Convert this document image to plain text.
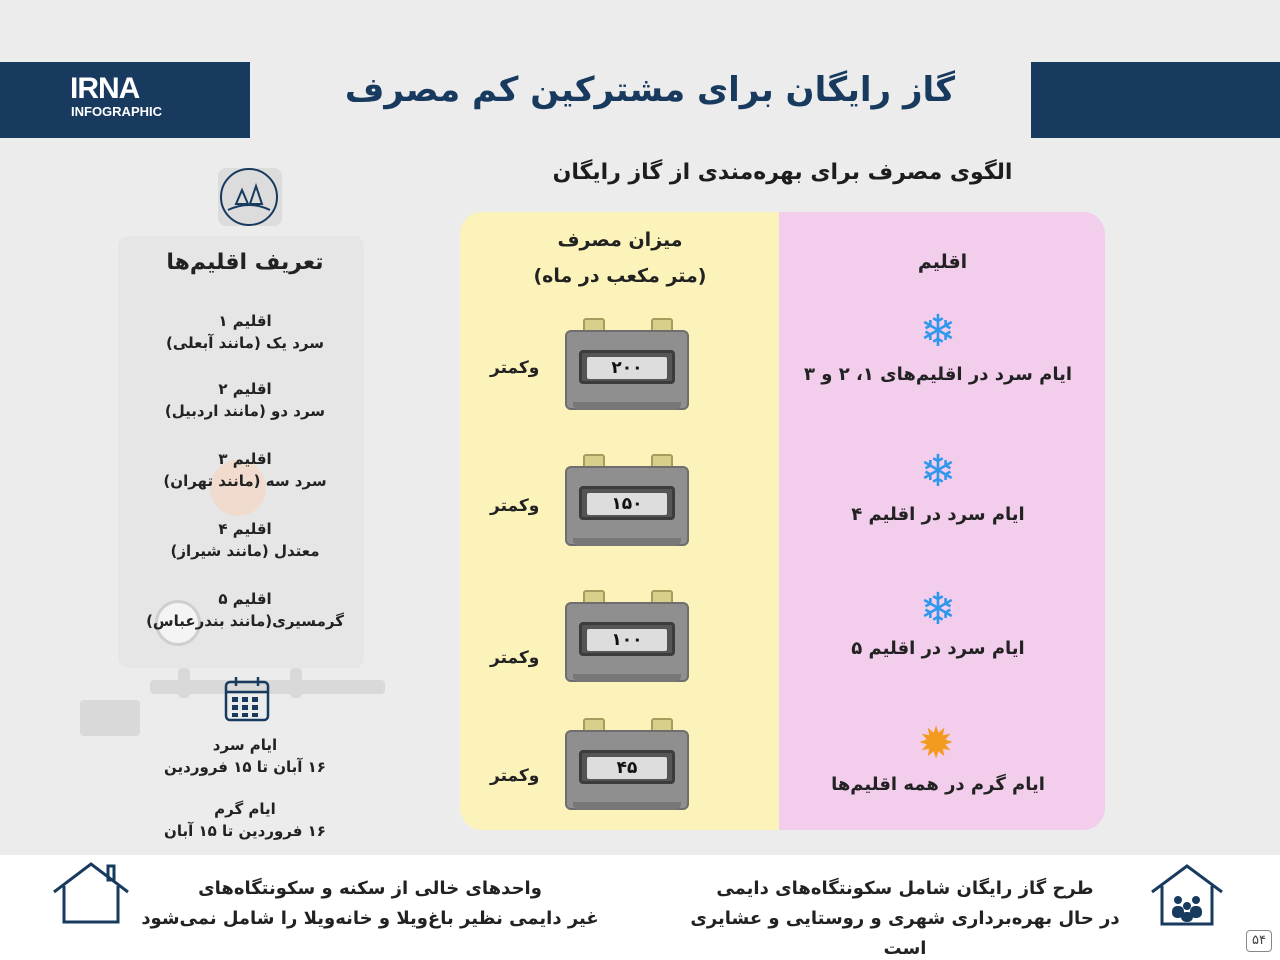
IRNA
INFOGRAPHIC
گاز رایگان برای مشترکین کم مصرف
الگوی مصرف برای بهره‌مندی از گاز رایگان
تعریف اقلیم‌ها
اقلیم ۱
سرد یک (مانند آبعلی)
اقلیم ۲
سرد دو (مانند اردبیل)
اقلیم ۳
سرد سه (مانند تهران)
اقلیم ۴
معتدل (مانند شیراز)
اقلیم ۵
گرمسیری(مانند بندرعباس)
ایام سرد
۱۶ آبان تا ۱۵ فروردین
ایام گرم
۱۶ فروردین تا ۱۵ آبان
میزان مصرف
(متر مکعب در ماه)
اقلیم
۲۰۰
وکمتر
❄
ایام سرد در اقلیم‌های ۱، ۲ و ۳
۱۵۰
وکمتر
❄
ایام سرد در اقلیم ۴
۱۰۰
وکمتر
❄
ایام سرد در اقلیم ۵
۴۵
وکمتر
✹
ایام گرم در همه اقلیم‌ها
طرح گاز رایگان شامل سکونتگاه‌های دایمی
در حال بهره‌برداری شهری و روستایی و عشایری است
واحدهای خالی از سکنه و سکونتگاه‌های
غیر دایمی نظیر باغ‌ویلا و خانه‌ویلا را شامل نمی‌شود
۵۴
